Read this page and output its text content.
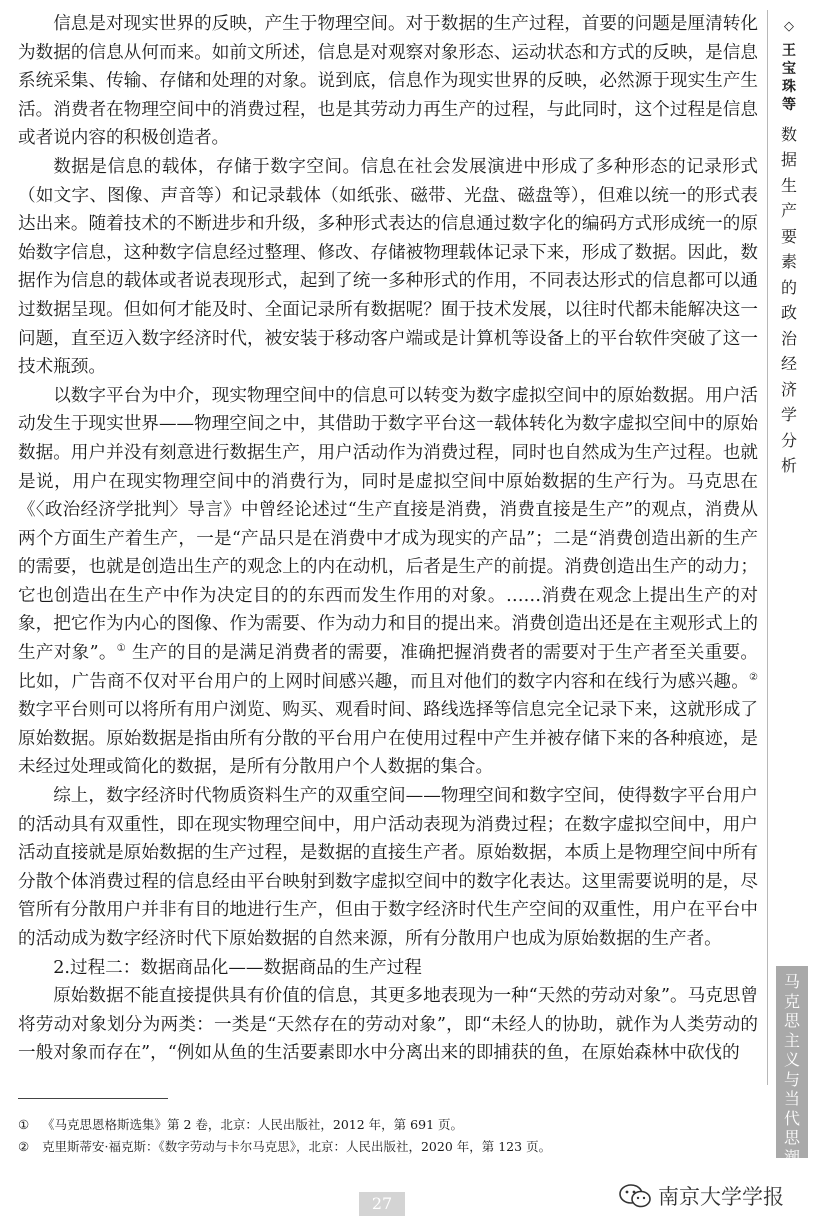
信息是对现实世界的反映，产生于物理空间。对于数据的生产过程，首要的问题是厘清转化为数据的信息从何而来。如前文所述，信息是对观察对象形态、运动状态和方式的反映，是信息系统采集、传输、存储和处理的对象。说到底，信息作为现实世界的反映，必然源于现实生产生活。消费者在物理空间中的消费过程，也是其劳动力再生产的过程，与此同时，这个过程是信息或者说内容的积极创造者。

数据是信息的载体，存储于数字空间。信息在社会发展演进中形成了多种形态的记录形式（如文字、图像、声音等）和记录载体（如纸张、磁带、光盘、磁盘等），但难以统一的形式表达出来。随着技术的不断进步和升级，多种形式表达的信息通过数字化的编码方式形成统一的原始数字信息，这种数字信息经过整理、修改、存储被物理载体记录下来，形成了数据。因此，数据作为信息的载体或者说表现形式，起到了统一多种形式的作用，不同表达形式的信息都可以通过数据呈现。但如何才能及时、全面记录所有数据呢？囿于技术发展，以往时代都未能解决这一问题，直至迈入数字经济时代，被安装于移动客户端或是计算机等设备上的平台软件突破了这一技术瓶颈。

以数字平台为中介，现实物理空间中的信息可以转变为数字虚拟空间中的原始数据。用户活动发生于现实世界——物理空间之中，其借助于数字平台这一载体转化为数字虚拟空间中的原始数据。用户并没有刻意进行数据生产，用户活动作为消费过程，同时也自然成为生产过程。也就是说，用户在现实物理空间中的消费行为，同时是虚拟空间中原始数据的生产行为。马克思在《〈政治经济学批判〉导言》中曾经论述过“生产直接是消费，消费直接是生产”的观点，消费从两个方面生产着生产，一是“产品只是在消费中才成为现实的产品”；二是“消费创造出新的生产的需要，也就是创造出生产的观念上的内在动机，后者是生产的前提。消费创造出生产的动力；它也创造出在生产中作为决定目的的东西而发生作用的对象。……消费在观念上提出生产的对象，把它作为内心的图像、作为需要、作为动力和目的提出来。消费创造出还是在主观形式上的生产对象”。① 生产的目的是满足消费者的需要，准确把握消费者的需要对于生产者至关重要。比如，广告商不仅对平台用户的上网时间感兴趣，而且对他们的数字内容和在线行为感兴趣。②数字平台则可以将所有用户浏览、购买、观看时间、路线选择等信息完全记录下来，这就形成了原始数据。原始数据是指由所有分散的平台用户在使用过程中产生并被存储下来的各种痕迹，是未经过处理或简化的数据，是所有分散用户个人数据的集合。

综上，数字经济时代物质资料生产的双重空间——物理空间和数字空间，使得数字平台用户的活动具有双重性，即在现实物理空间中，用户活动表现为消费过程；在数字虚拟空间中，用户活动直接就是原始数据的生产过程，是数据的直接生产者。原始数据，本质上是物理空间中所有分散个体消费过程的信息经由平台映射到数字虚拟空间中的数字化表达。这里需要说明的是，尽管所有分散用户并非有目的地进行生产，但由于数字经济时代生产空间的双重性，用户在平台中的活动成为数字经济时代下原始数据的自然来源，所有分散用户也成为原始数据的生产者。

2.过程二：数据商品化——数据商品的生产过程

原始数据不能直接提供具有价值的信息，其更多地表现为一种“天然的劳动对象”。马克思曾将劳动对象划分为两类：一类是“天然存在的劳动对象”，即“未经人的协助，就作为人类劳动的一般对象而存在”，“例如从鱼的生活要素即水中分离出来的即捕获的鱼，在原始森林中砍伐的

◇
王
宝
珠
等
数
据
生
产
要
素
的
政
治
经
济
学
分
析
马
克
思
主
义
与
当
代
思
潮
① 《马克思恩格斯选集》第 2 卷，北京：人民出版社，2012 年，第 691 页。
② 克里斯蒂安·福克斯：《数字劳动与卡尔马克思》，北京：人民出版社，2020 年，第 123 页。
27	南京大学学报
